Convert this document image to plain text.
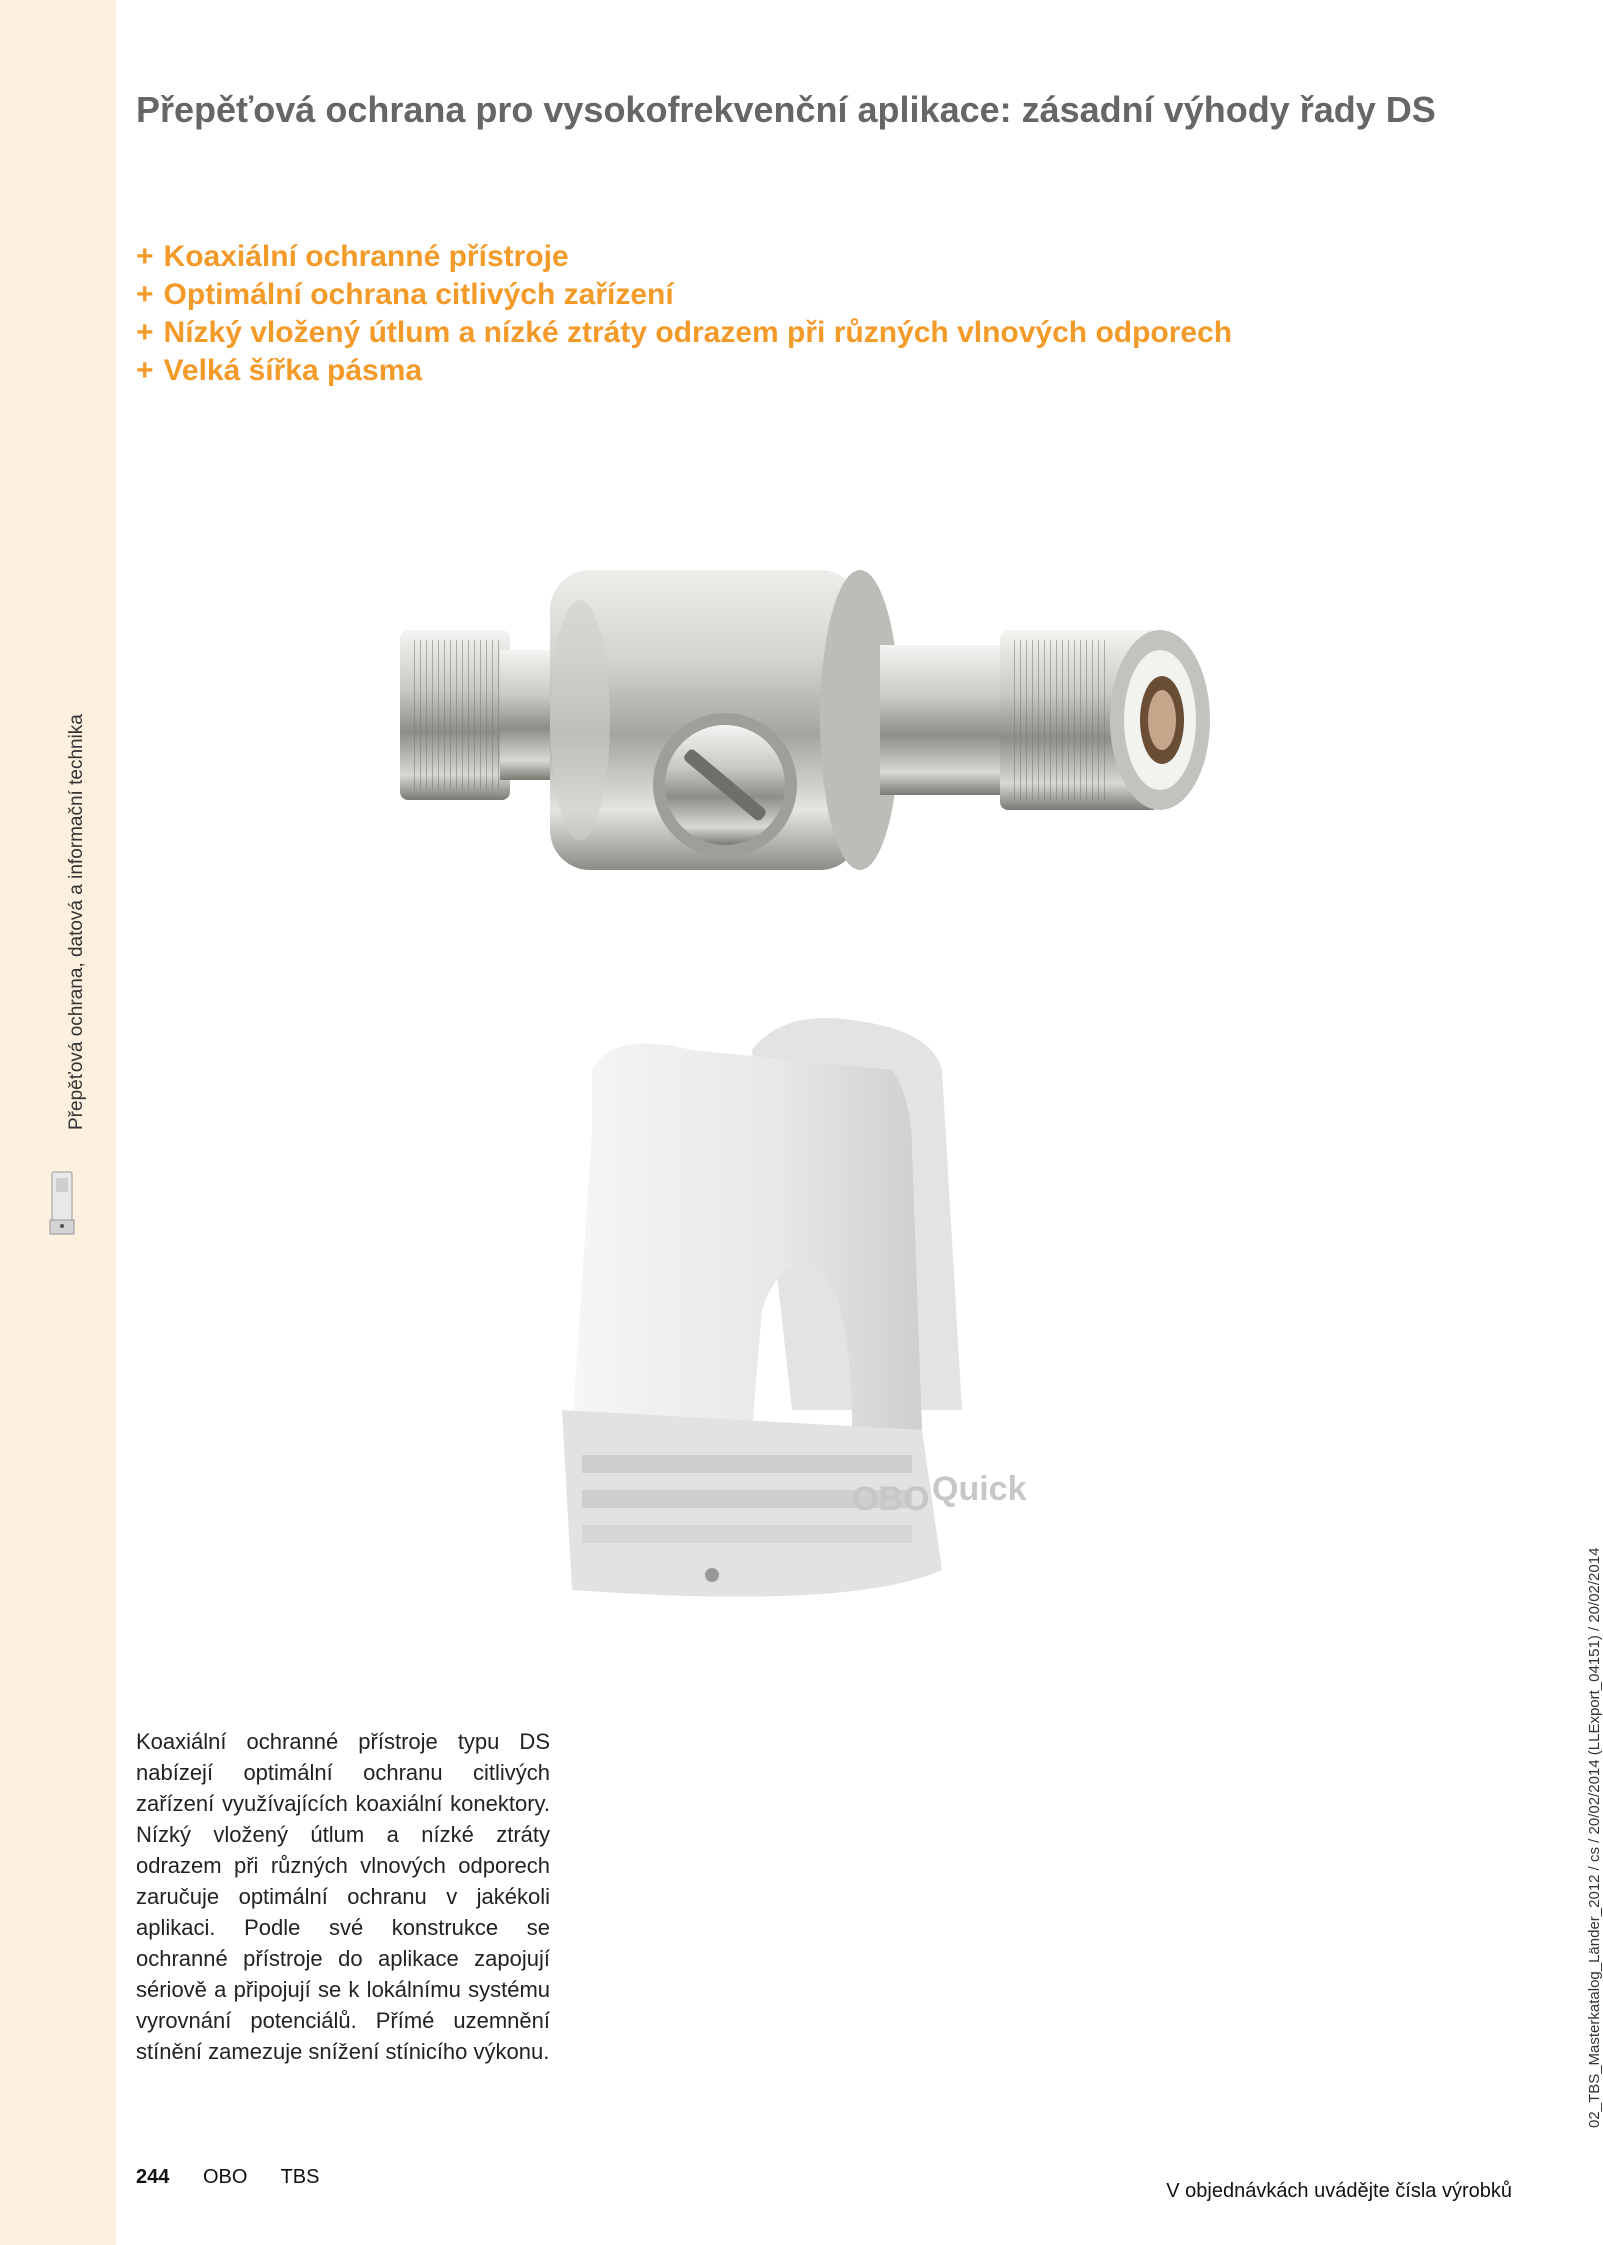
Přepěťová ochrana, datová a informační technika
Přepěťová ochrana pro vysokofrekvenční aplikace: zásadní výhody řady DS
+ Koaxiální ochranné přístroje
+ Optimální ochrana citlivých zařízení
+ Nízký vložený útlum a nízké ztráty odrazem při různých vlnových odporech
+ Velká šířka pásma
OBO Quick

Koaxiální ochranné přístroje typu DS nabízejí optimální ochranu citlivých zařízení využívajících koaxiální konektory. Nízký vložený útlum a nízké ztráty odrazem při různých vlnových odporech zaručuje optimální ochranu v jakékoli aplikaci. Podle své konstrukce se ochranné přístroje do aplikace zapojují sériově a připojují se k lokálnímu systému vyrovnání potenciálů. Přímé uzemnění stínění zamezuje snížení stínicího výkonu.

244 OBO TBS
V objednávkách uvádějte čísla výrobků
02_TBS_Masterkatalog_Länder_2012 / cs / 20/02/2014 (LLExport_04151) / 20/02/2014
